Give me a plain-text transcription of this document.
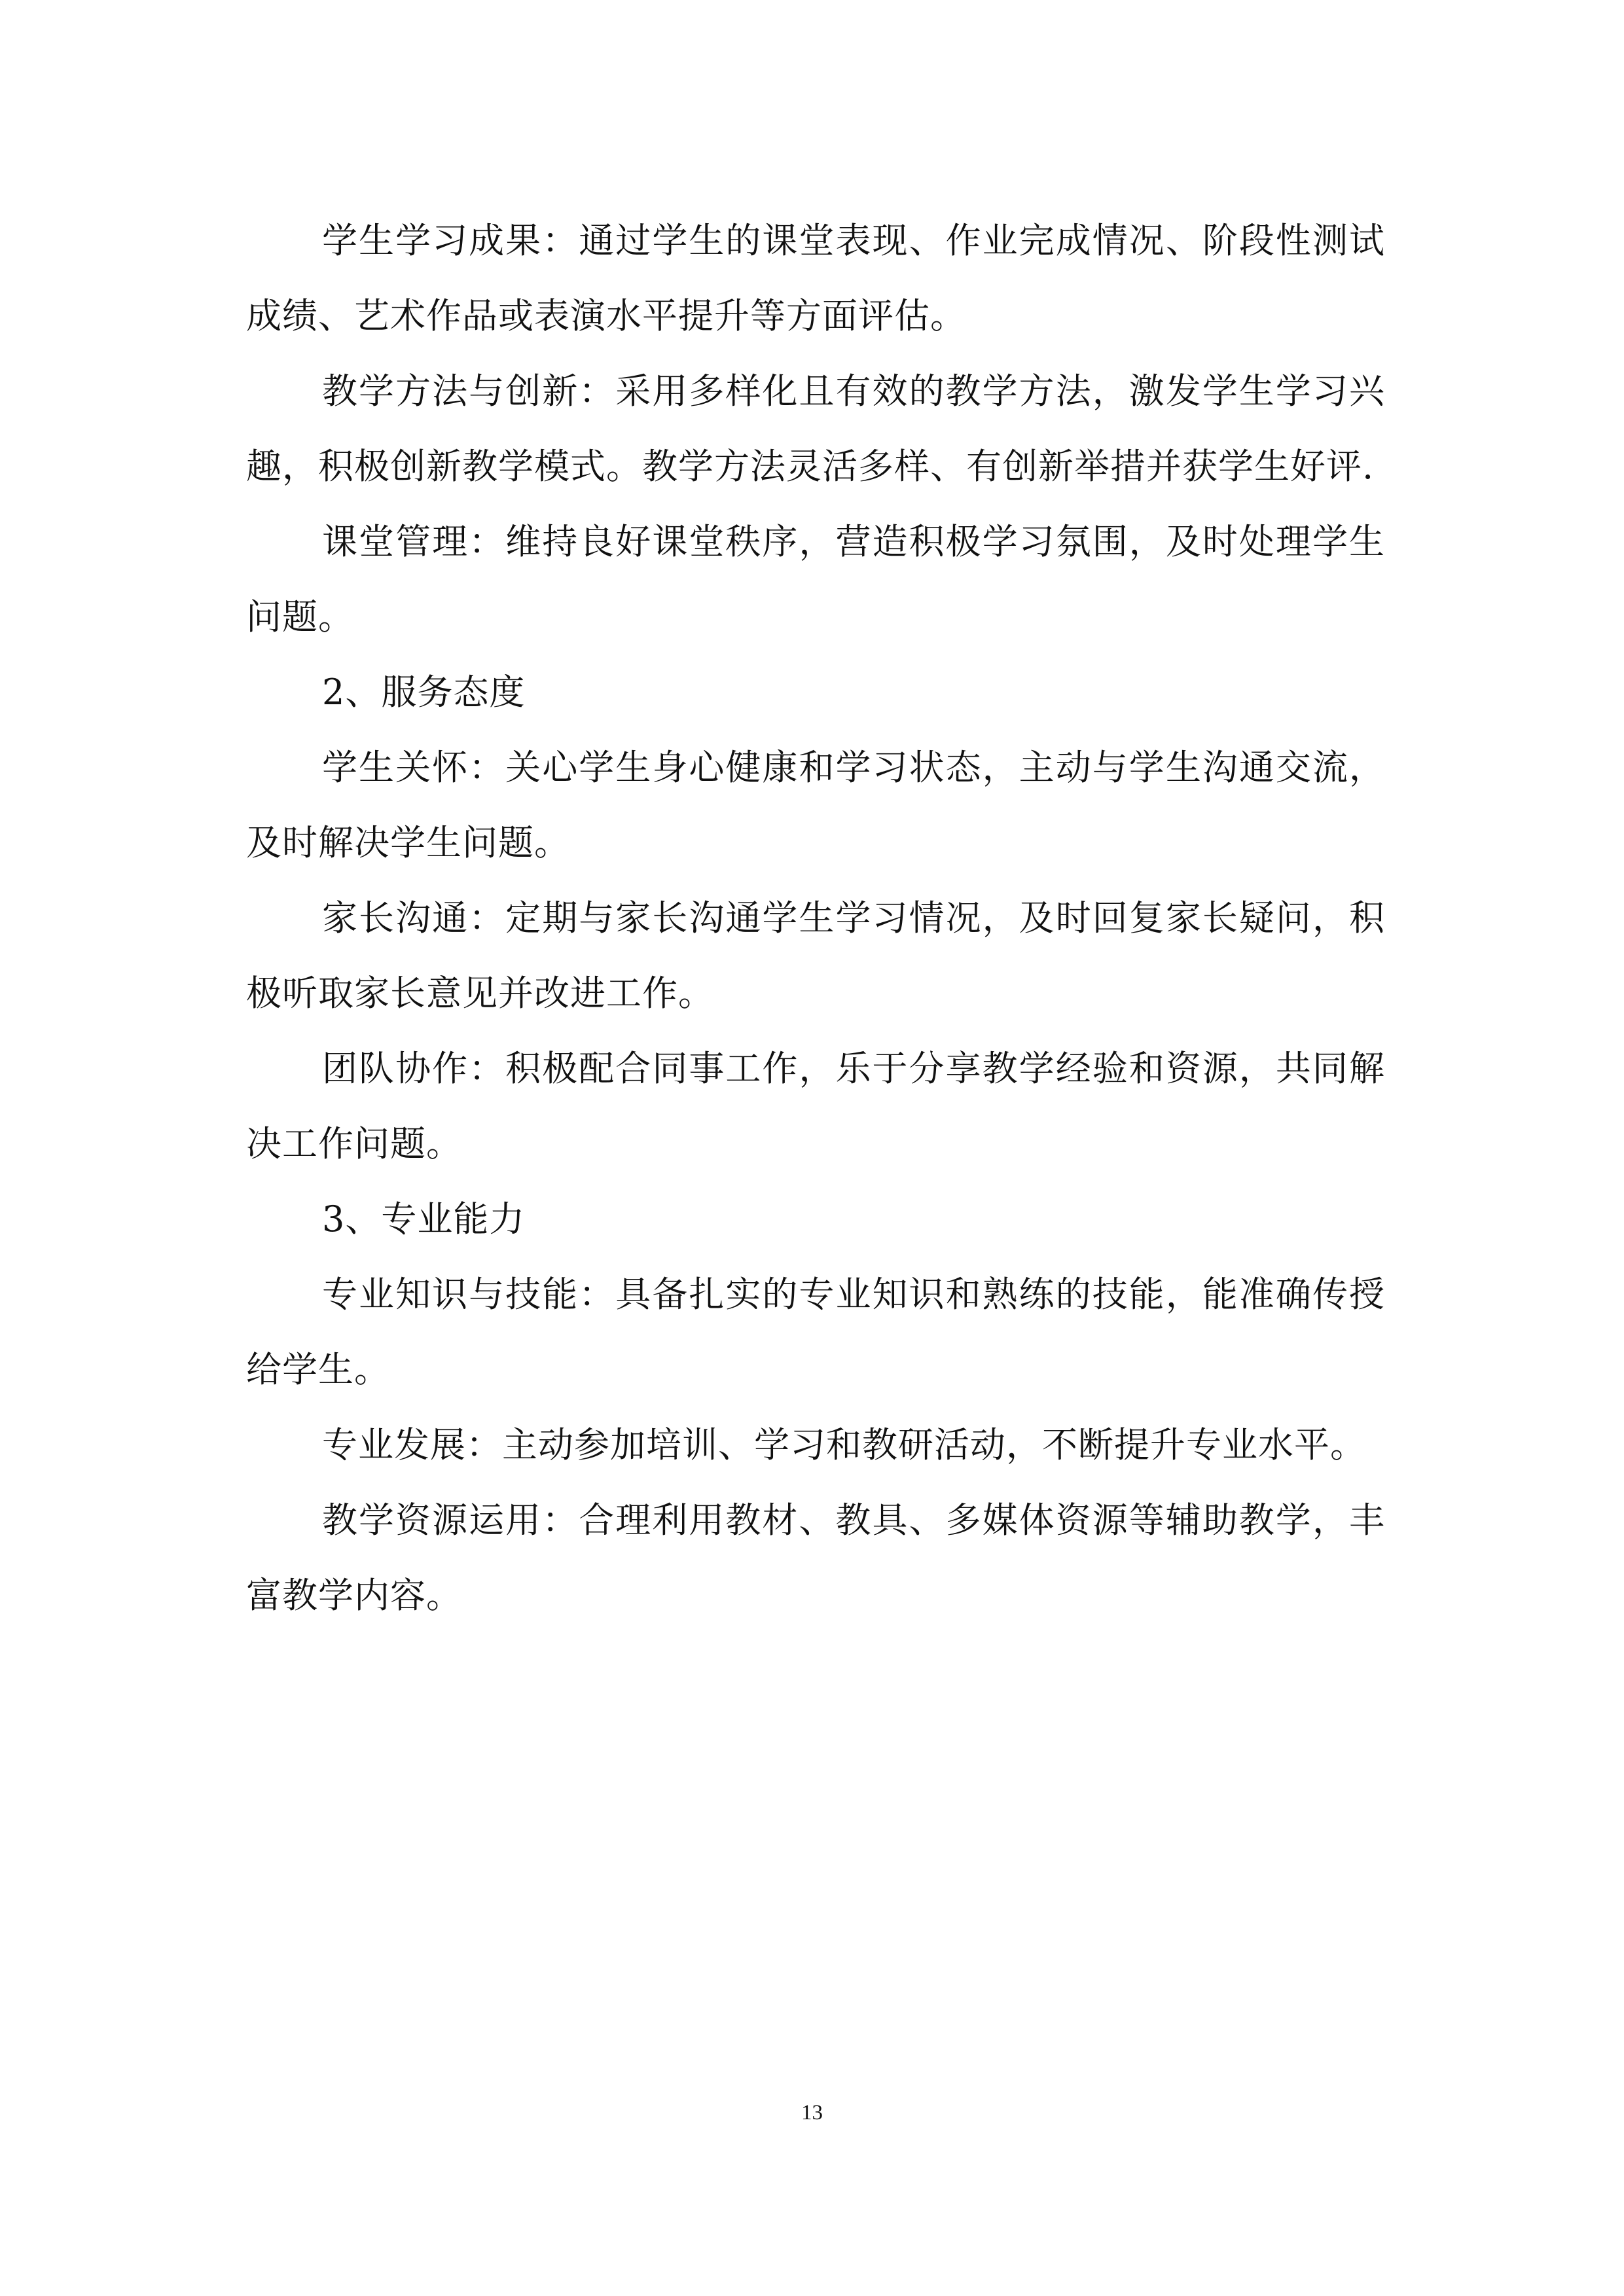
学生学习成果：通过学生的课堂表现、作业完成情况、阶段性测试成绩、艺术作品或表演水平提升等方面评估。

教学方法与创新：采用多样化且有效的教学方法，激发学生学习兴趣，积极创新教学模式。教学方法灵活多样、有创新举措并获学生好评.

课堂管理：维持良好课堂秩序，营造积极学习氛围，及时处理学生问题。

2、服务态度

学生关怀：关心学生身心健康和学习状态，主动与学生沟通交流，及时解决学生问题。

家长沟通：定期与家长沟通学生学习情况，及时回复家长疑问，积极听取家长意见并改进工作。

团队协作：积极配合同事工作，乐于分享教学经验和资源，共同解决工作问题。

3、专业能力

专业知识与技能：具备扎实的专业知识和熟练的技能，能准确传授给学生。

专业发展：主动参加培训、学习和教研活动，不断提升专业水平。

教学资源运用：合理利用教材、教具、多媒体资源等辅助教学，丰富教学内容。

13
